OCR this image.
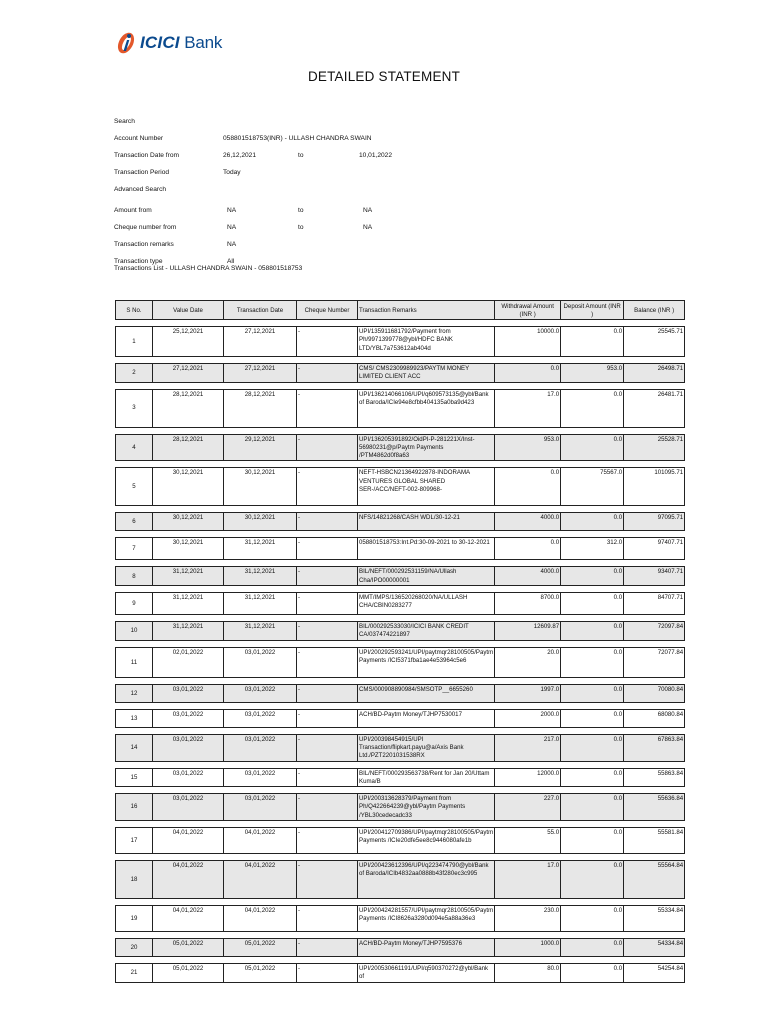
ICICI Bank
DETAILED STATEMENT
Search
Account Number	058801518753(INR) - ULLASH CHANDRA SWAIN
Transaction Date from	26,12,2021	to	10,01,2022
Transaction Period	Today
Advanced Search
Amount from	NA	to	NA
Cheque number from	NA	to	NA
Transaction remarks	NA
Transaction type	All
Transactions List - ULLASH CHANDRA SWAIN - 058801518753
S No.	Value Date	Transaction Date	Cheque Number	Transaction Remarks	Withdrawal Amount (INR )	Deposit Amount (INR )	Balance (INR )

1	25,12,2021	27,12,2021	-	UPI/135911681792/Payment from Ph/9971399778@ybl/HDFC BANK LTD/YBL7a753612ab404d	10000.0	0.0	25545.71

2	27,12,2021	27,12,2021	-	CMS/ CMS2309989923/PAYTM MONEY LIMITED CLIENT ACC	0.0	953.0	26498.71

3	28,12,2021	28,12,2021	-	UPI/136214066106/UPI/q609573135@ybl/Bank of Baroda/ICIe94e8cfbb404135a0ba9d423	17.0	0.0	26481.71

4	28,12,2021	29,12,2021	-	UPI/136205391892/OidPI-P-281221X/Inst-56980231@p/Paytm Payments /PTM4862d0f8a63	953.0	0.0	25528.71

5	30,12,2021	30,12,2021	-	NEFT-HSBCN21364922878-INDORAMA VENTURES GLOBAL SHARED SER-/ACC/NEFT-002-809968-	0.0	75567.0	101095.71

6	30,12,2021	30,12,2021	-	NFS/14821268/CASH WDL/30-12-21	4000.0	0.0	97095.71

7	30,12,2021	31,12,2021	-	058801518753:Int.Pd:30-09-2021 to 30-12-2021	0.0	312.0	97407.71

8	31,12,2021	31,12,2021	-	BIL/NEFT/000292531159/NA/Ullash Cha/IPO00000001	4000.0	0.0	93407.71

9	31,12,2021	31,12,2021	-	MMT/IMPS/136520268020/NA/ULLASH CHA/CBIN0283277	8700.0	0.0	84707.71

10	31,12,2021	31,12,2021	-	BIL/000292533030/ICICI BANK CREDIT CA/037474221897	12609.87	0.0	72097.84

11	02,01,2022	03,01,2022	-	UPI/200292593241/UPI/paytmqr28100505/Paytm Payments /ICI5371fba1ae4e53964c5e6	20.0	0.0	72077.84

12	03,01,2022	03,01,2022	-	CMS/000908890984/SMSOTP__6655260	1997.0	0.0	70080.84

13	03,01,2022	03,01,2022	-	ACH/BD-Paytm Money/TJHP7530017	2000.0	0.0	68080.84

14	03,01,2022	03,01,2022	-	UPI/200398454915/UPI Transaction/flipkart.payu@a/Axis Bank Ltd./PZT2201031538RX	217.0	0.0	67863.84

15	03,01,2022	03,01,2022	-	BIL/NEFT/000293563738/Rent for Jan 20/Uttam Kuma/B	12000.0	0.0	55863.84

16	03,01,2022	03,01,2022	-	UPI/200313628379/Payment from Ph/Q422664239@ybl/Paytm Payments /YBL30cedecadc33	227.0	0.0	55636.84

17	04,01,2022	04,01,2022	-	UPI/200412709386/UPI/paytmqr28100505/Paytm Payments /ICIe20dfe5ee8c9446080afe1b	55.0	0.0	55581.84

18	04,01,2022	04,01,2022	-	UPI/200423612396/UPI/q223474790@ybl/Bank of Baroda/ICIb4832aa0888b43f280ec3c995	17.0	0.0	55564.84

19	04,01,2022	04,01,2022	-	UPI/200424281557/UPI/paytmqr28100505/Paytm Payments /ICI8626a3280d094e5a88a36e3	230.0	0.0	55334.84

20	05,01,2022	05,01,2022	-	ACH/BD-Paytm Money/TJHP7595376	1000.0	0.0	54334.84

21	05,01,2022	05,01,2022	-	UPI/200530661191/UPI/q590370272@ybl/Bank of	80.0	0.0	54254.84
